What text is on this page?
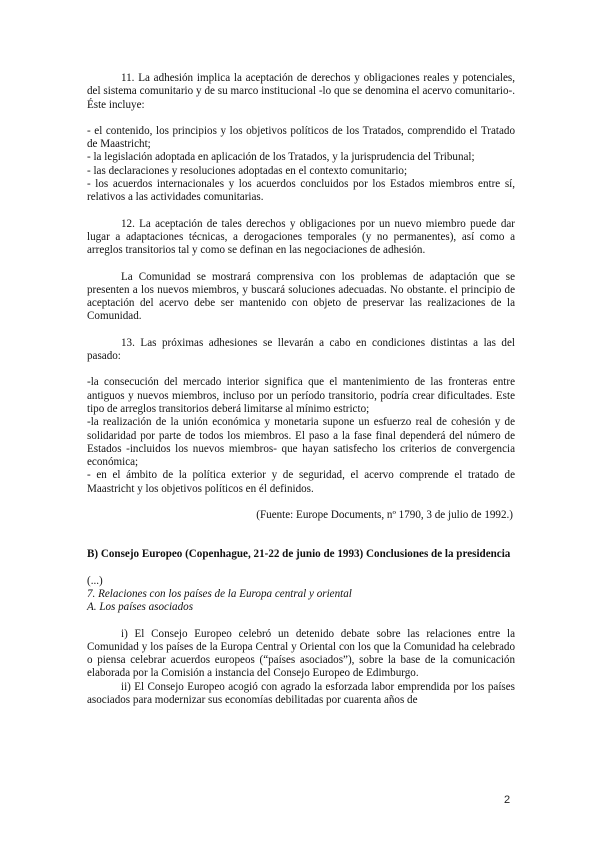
11. La adhesión implica la aceptación de derechos y obligaciones reales y potenciales, del sistema comunitario y de su marco institucional -lo que se denomina el acervo comunitario-. Éste incluye:

- el contenido, los principios y los objetivos políticos de los Tratados, comprendido el Tratado de Maastricht;

- la legislación adoptada en aplicación de los Tratados, y la jurisprudencia del Tribunal;

- las declaraciones y resoluciones adoptadas en el contexto comunitario;

- los acuerdos internacionales y los acuerdos concluidos por los Estados miembros entre sí, relativos a las actividades comunitarias.

12. La aceptación de tales derechos y obligaciones por un nuevo miembro puede dar lugar a adaptaciones técnicas, a derogaciones temporales (y no permanentes), así como a arreglos transitorios tal y como se definan en las negociaciones de adhesión.

La Comunidad se mostrará comprensiva con los problemas de adaptación que se presenten a los nuevos miembros, y buscará soluciones adecuadas. No obstante. el principio de aceptación del acervo debe ser mantenido con objeto de preservar las realizaciones de la Comunidad.

13. Las próximas adhesiones se llevarán a cabo en condiciones distintas a las del pasado:

-la consecución del mercado interior significa que el mantenimiento de las fronteras entre antiguos y nuevos miembros, incluso por un período transitorio, podría crear dificultades. Este tipo de arreglos transitorios deberá limitarse al mínimo estricto;

-la realización de la unión económica y monetaria supone un esfuerzo real de cohesión y de solidaridad por parte de todos los miembros. El paso a la fase final dependerá del número de Estados -incluidos los nuevos miembros- que hayan satisfecho los criterios de convergencia económica;

- en el ámbito de la política exterior y de seguridad, el acervo comprende el tratado de Maastricht y los objetivos políticos en él definidos.

(Fuente: Europe Documents, nº 1790, 3 de julio de 1992.)

B) Consejo Europeo (Copenhague, 21-22 de junio de 1993) Conclusiones de la presidencia

(...)

7. Relaciones con los países de la Europa central y oriental

A. Los países asociados

i) El Consejo Europeo celebró un detenido debate sobre las relaciones entre la Comunidad y los países de la Europa Central y Oriental con los que la Comunidad ha celebrado o piensa celebrar acuerdos europeos (“países asociados”), sobre la base de la comunicación elaborada por la Comisión a instancia del Consejo Europeo de Edimburgo.

ii) El Consejo Europeo acogió con agrado la esforzada labor emprendida por los países asociados para modernizar sus economías debilitadas por cuarenta años de

2
